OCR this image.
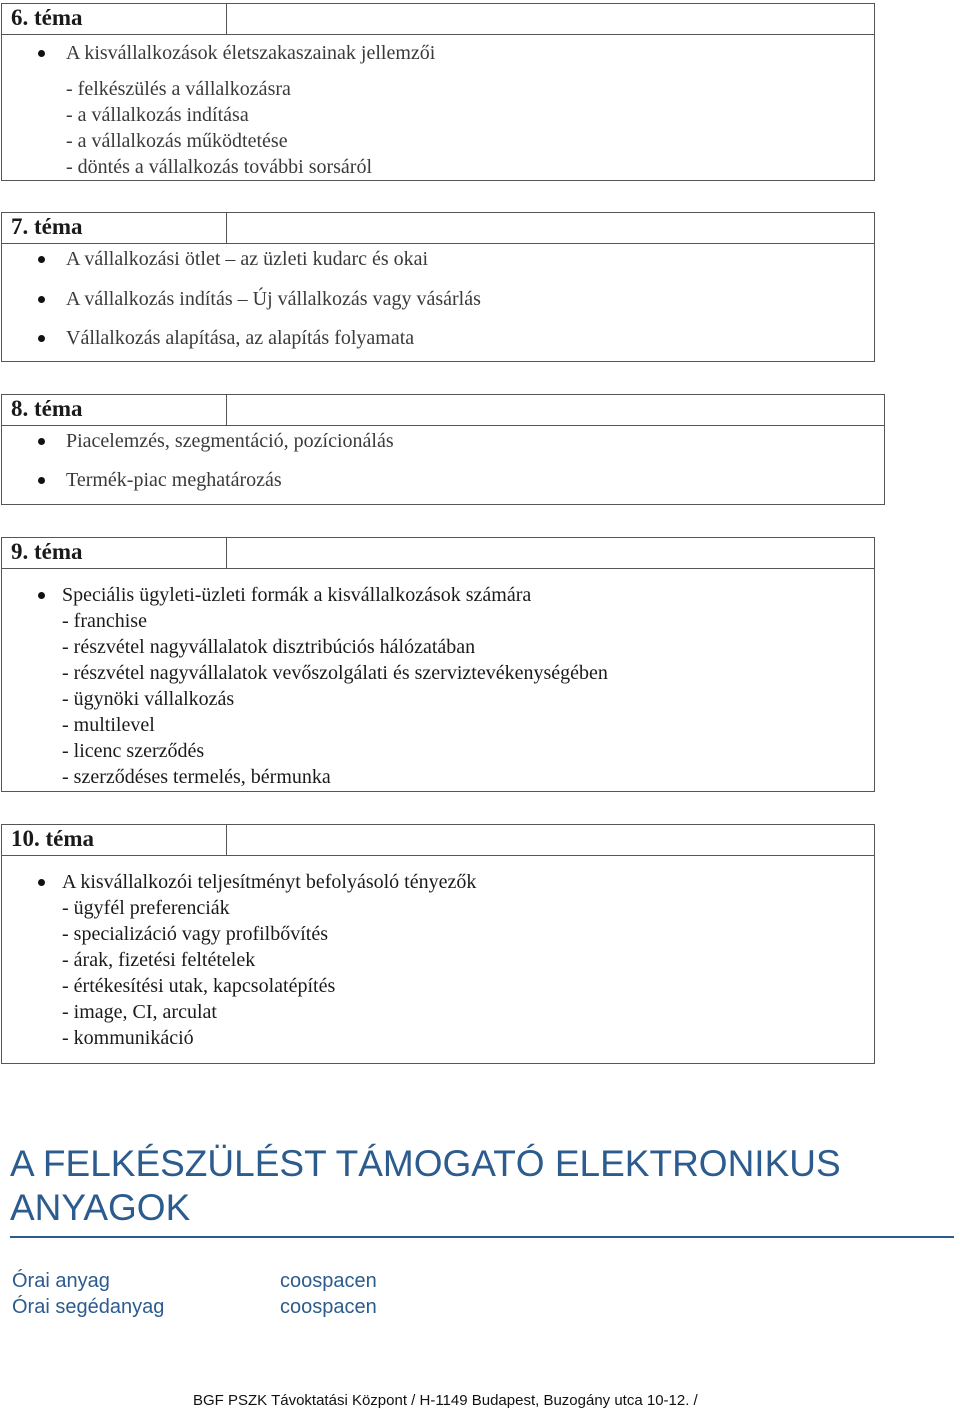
6. téma
A kisvállalkozások életszakaszainak jellemzői
- felkészülés a vállalkozásra
- a vállalkozás indítása
- a vállalkozás működtetése
- döntés a vállalkozás további sorsáról
7. téma
A vállalkozási ötlet – az üzleti kudarc és okai
A vállalkozás indítás – Új vállalkozás vagy vásárlás
Vállalkozás alapítása, az alapítás folyamata
8. téma
Piacelemzés, szegmentáció, pozícionálás
Termék-piac meghatározás
9. téma
Speciális ügyleti-üzleti formák a kisvállalkozások számára
- franchise
- részvétel nagyvállalatok disztribúciós hálózatában
- részvétel nagyvállalatok vevőszolgálati és szerviztevékenységében
- ügynöki vállalkozás
- multilevel
- licenc szerződés
- szerződéses termelés, bérmunka
10. téma
A kisvállalkozói teljesítményt befolyásoló tényezők
- ügyfél preferenciák
- specializáció vagy profilbővítés
- árak, fizetési feltételek
- értékesítési utak, kapcsolatépítés
- image, CI, arculat
- kommunikáció
A FELKÉSZÜLÉST TÁMOGATÓ ELEKTRONIKUS
ANYAGOK
Órai anyag	coospacen
Órai segédanyag	coospacen
BGF PSZK Távoktatási Központ / H-1149 Budapest, Buzogány utca 10-12. /
